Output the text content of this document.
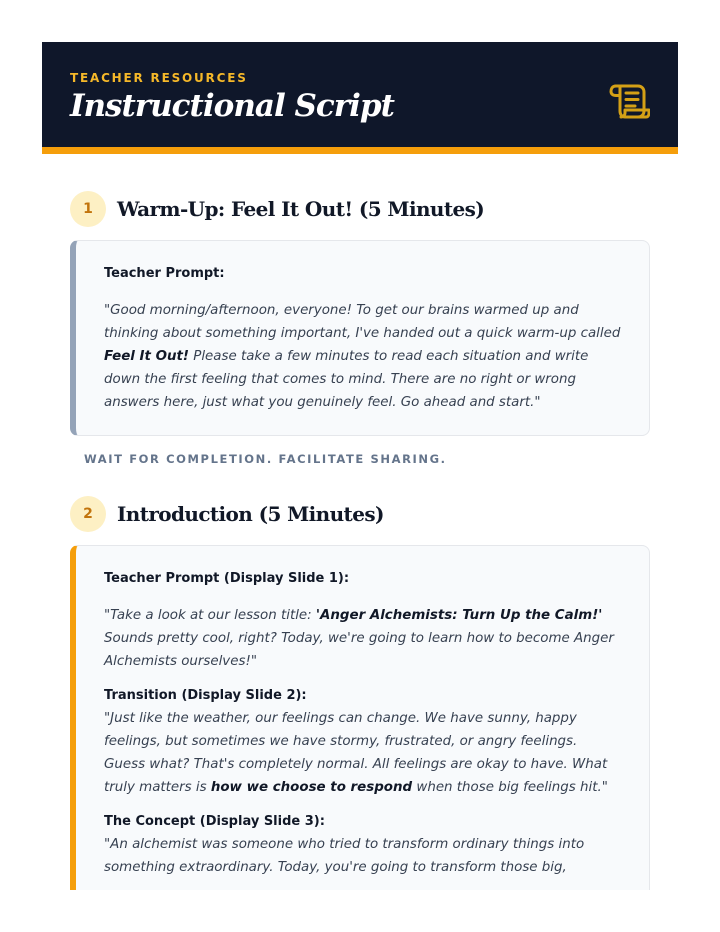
TEACHER RESOURCES
Instructional Script
1	Warm-Up: Feel It Out! (5 Minutes)
Teacher Prompt:

"Good morning/afternoon, everyone! To get our brains warmed up and thinking about something important, I've handed out a quick warm-up called Feel It Out! Please take a few minutes to read each situation and write down the first feeling that comes to mind. There are no right or wrong answers here, just what you genuinely feel. Go ahead and start."

WAIT FOR COMPLETION. FACILITATE SHARING.
2	Introduction (5 Minutes)
Teacher Prompt (Display Slide 1):

"Take a look at our lesson title: 'Anger Alchemists: Turn Up the Calm!' Sounds pretty cool, right? Today, we're going to learn how to become Anger Alchemists ourselves!"

Transition (Display Slide 2):

"Just like the weather, our feelings can change. We have sunny, happy feelings, but sometimes we have stormy, frustrated, or angry feelings. Guess what? That's completely normal. All feelings are okay to have. What truly matters is how we choose to respond when those big feelings hit."

The Concept (Display Slide 3):

"An alchemist was someone who tried to transform ordinary things into something extraordinary. Today, you're going to transform those big,
